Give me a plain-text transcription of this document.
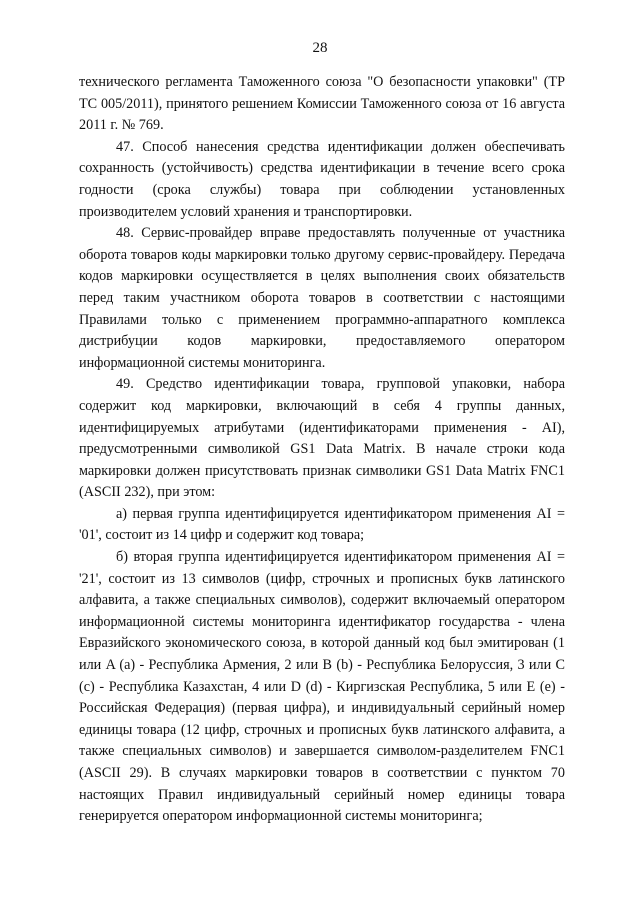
28

технического регламента Таможенного союза "О безопасности упаковки" (ТР ТС 005/2011), принятого решением Комиссии Таможенного союза от 16 августа 2011 г. № 769.

47. Способ нанесения средства идентификации должен обеспечивать сохранность (устойчивость) средства идентификации в течение всего срока годности (срока службы) товара при соблюдении установленных производителем условий хранения и транспортировки.

48. Сервис-провайдер вправе предоставлять полученные от участника оборота товаров коды маркировки только другому сервис-провайдеру. Передача кодов маркировки осуществляется в целях выполнения своих обязательств перед таким участником оборота товаров в соответствии с настоящими Правилами только с применением программно-аппаратного комплекса дистрибуции кодов маркировки, предоставляемого оператором информационной системы мониторинга.

49. Средство идентификации товара, групповой упаковки, набора содержит код маркировки, включающий в себя 4 группы данных, идентифицируемых атрибутами (идентификаторами применения - AI), предусмотренными символикой GS1 Data Matrix. В начале строки кода маркировки должен присутствовать признак символики GS1 Data Matrix FNC1 (ASCII 232), при этом:

а) первая группа идентифицируется идентификатором применения AI = '01', состоит из 14 цифр и содержит код товара;

б) вторая группа идентифицируется идентификатором применения AI = '21', состоит из 13 символов (цифр, строчных и прописных букв латинского алфавита, а также специальных символов), содержит включаемый оператором информационной системы мониторинга идентификатор государства - члена Евразийского экономического союза, в которой данный код был эмитирован (1 или A (a) - Республика Армения, 2 или B (b) - Республика Белоруссия, 3 или C (c) - Республика Казахстан, 4 или D (d) - Киргизская Республика, 5 или E (e) - Российская Федерация) (первая цифра), и индивидуальный серийный номер единицы товара (12 цифр, строчных и прописных букв латинского алфавита, а также специальных символов) и завершается символом-разделителем FNC1 (ASCII 29). В случаях маркировки товаров в соответствии с пунктом 70 настоящих Правил индивидуальный серийный номер единицы товара генерируется оператором информационной системы мониторинга;
